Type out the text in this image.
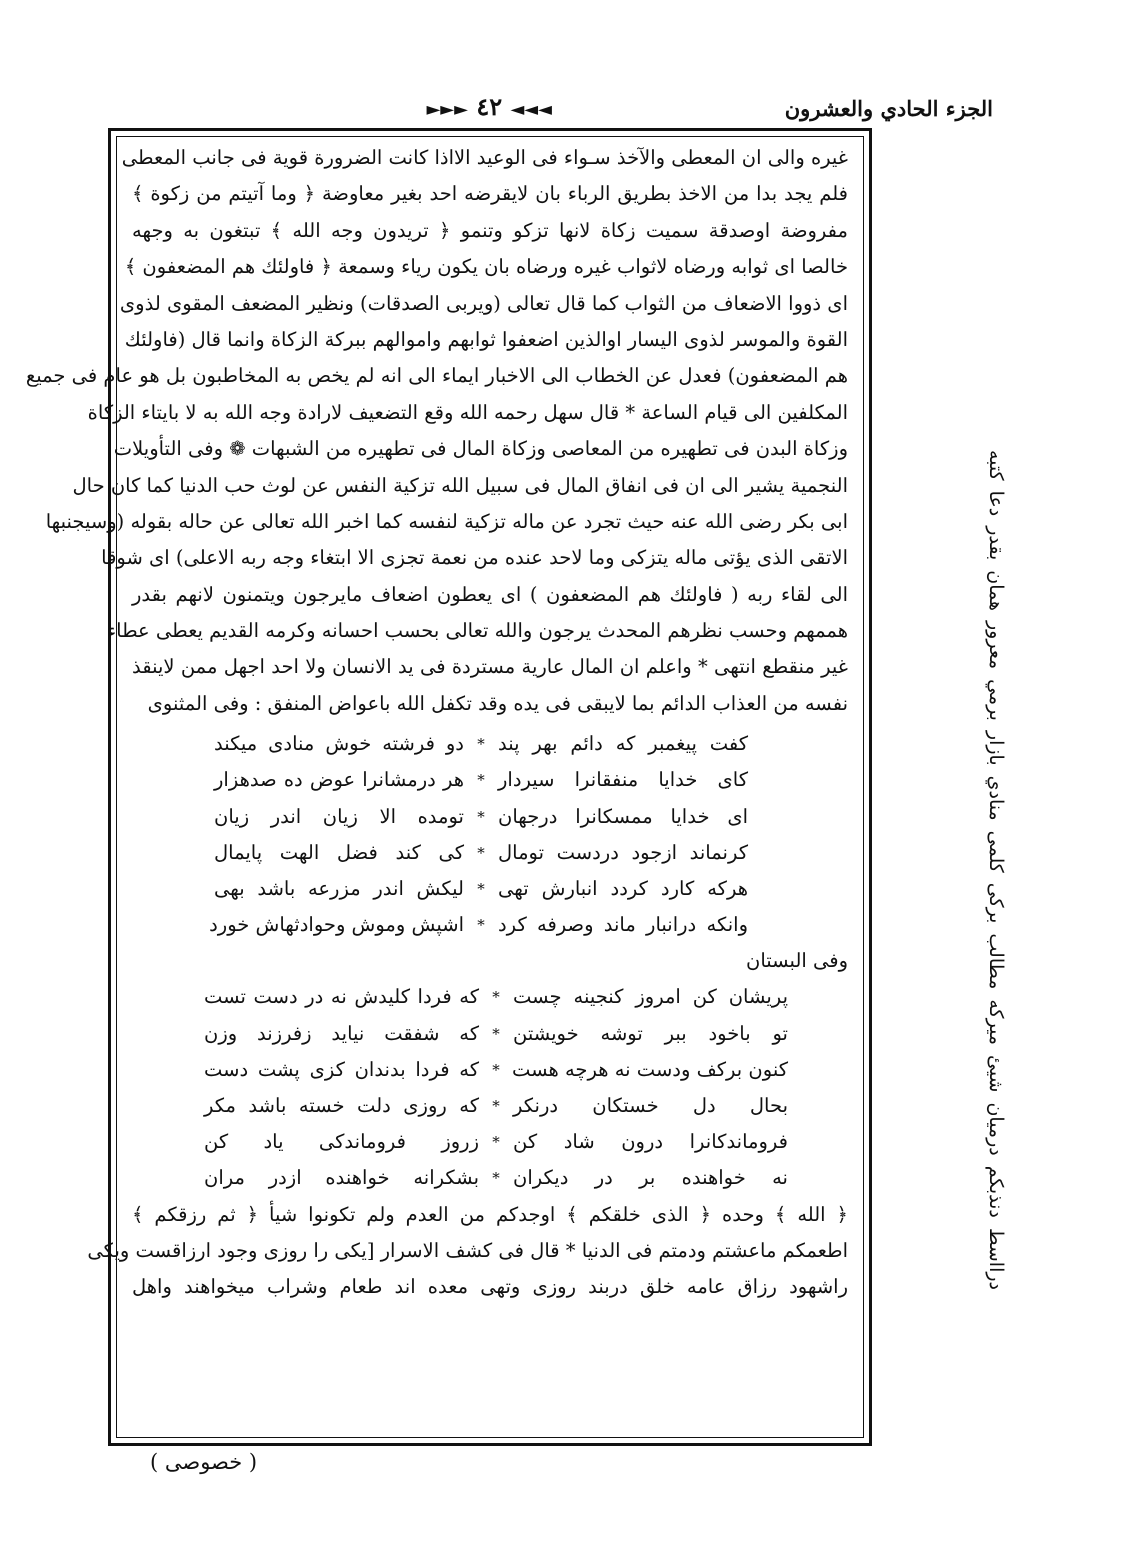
الجزء الحادي والعشرون
◄◄◄ ٤٢ ►►►
غيره والى ان المعطى والآخذ سـواء فى الوعيد الااذا كانت الضرورة قوية فى جانب المعطى
فلم يجد بدا من الاخذ بطريق الرباء بان لايقرضه احد بغير معاوضة ﴿ وما آتيتم من زكوة ﴾
مفروضة اوصدقة سميت زكاة لانها تزكو وتنمو ﴿ تريدون وجه الله ﴾ تبتغون به وجهه
خالصا اى ثوابه ورضاه لاثواب غيره ورضاه بان يكون رياء وسمعة ﴿ فاولئك هم المضعفون ﴾
اى ذووا الاضعاف من الثواب كما قال تعالى (ويربى الصدقات) ونظير المضعف المقوى لذوى
القوة والموسر لذوى اليسار اوالذين اضعفوا ثوابهم واموالهم ببركة الزكاة وانما قال (فاولئك
هم المضعفون) فعدل عن الخطاب الى الاخبار ايماء الى انه لم يخص به المخاطبون بل هو عام فى جميع
المكلفين الى قيام الساعة * قال سهل رحمه الله وقع التضعيف لارادة وجه الله به لا بايتاء الزكاة
وزكاة البدن فى تطهيره من المعاصى وزكاة المال فى تطهيره من الشبهات ❁ وفى التأويلات
النجمية يشير الى ان فى انفاق المال فى سبيل الله تزكية النفس عن لوث حب الدنيا كما كان حال
ابى بكر رضى الله عنه حيث تجرد عن ماله تزكية لنفسه كما اخبر الله تعالى عن حاله بقوله (وسيجنبها
الاتقى الذى يؤتى ماله يتزكى وما لاحد عنده من نعمة تجزى الا ابتغاء وجه ربه الاعلى) اى شوقا
الى لقاء ربه ( فاولئك هم المضعفون ) اى يعطون اضعاف مايرجون ويتمنون لانهم بقدر
هممهم وحسب نظرهم المحدث يرجون والله تعالى بحسب احسانه وكرمه القديم يعطى عطاء
غير منقطع انتهى * واعلم ان المال عارية مستردة فى يد الانسان ولا احد اجهل ممن لاينقذ
نفسه من العذاب الدائم بما لايبقى فى يده وقد تكفل الله باعواض المنفق : وفى المثنوى
كفت پيغمبر كه دائم بهر پند
*
دو فرشته خوش منادى ميكند
كاى خدايا منفقانرا سيردار
*
هر درمشانرا عوض ده صدهزار
اى خدايا ممسكانرا درجهان
*
تومده الا زيان اندر زيان
كرنماند ازجود دردست تومال
*
كى كند فضل الهت پايمال
هركه كارد كردد انبارش تهى
*
ليكش اندر مزرعه باشد بهى
وانكه درانبار ماند وصرفه كرد
*
اشپش وموش وحوادثهاش خورد
وفى البستان
پريشان كن امروز كنجينه چست
*
كه فردا كليدش نه در دست تست
تو باخود ببر توشه خويشتن
*
كه شفقت نيايد زفرزند وزن
كنون بركف ودست نه هرچه هست
*
كه فردا بدندان كزى پشت دست
بحال دل خستكان درنكر
*
كه روزى دلت خسته باشد مكر
فروماندكانرا درون شاد كن
*
زروز فروماندكى ياد كن
نه خواهنده بر در ديكران
*
بشكرانه خواهنده ازدر مران
﴿ الله ﴾ وحده ﴿ الذى خلقكم ﴾ اوجدكم من العدم ولم تكونوا شيأ ﴿ ثم رزقكم ﴾
اطعمكم ماعشتم ودمتم فى الدنيا * قال فى كشف الاسرار [يكى را روزى وجود ارزاقست ويكى
راشهود رزاق عامه خلق دربند روزى وتهى معده اند طعام وشراب ميخواهند واهل	درااسط دنذبكم درميان شيئ ميركه مطالب بركى كلمى منادي بازار برمي معرور همان بقدر دعا كتبه
( خصوصى )
